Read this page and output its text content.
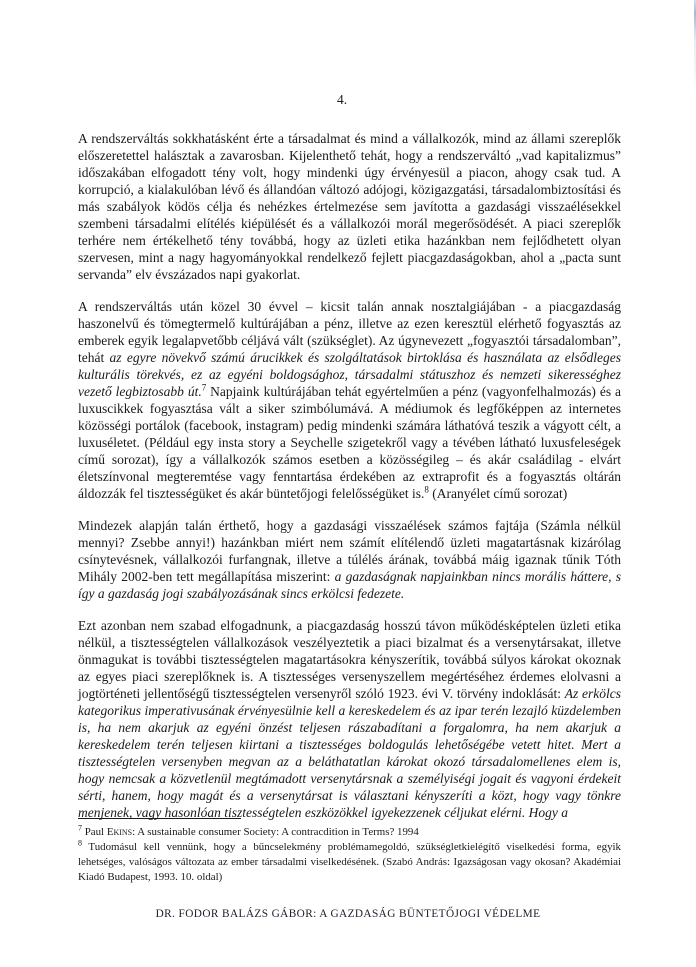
4.

A rendszerváltás sokkhatásként érte a társadalmat és mind a vállalkozók, mind az állami szereplők előszeretettel halásztak a zavarosban. Kijelenthető tehát, hogy a rendszerváltó „vad kapitalizmus” időszakában elfogadott tény volt, hogy mindenki úgy érvényesül a piacon, ahogy csak tud. A korrupció, a kialakulóban lévő és állandóan változó adójogi, közigazgatási, társadalombiztosítási és más szabályok ködös célja és nehézkes értelmezése sem javította a gazdasági visszaélésekkel szembeni társadalmi elítélés kiépülését és a vállalkozói morál megerősödését. A piaci szereplők terhére nem értékelhető tény továbbá, hogy az üzleti etika hazánkban nem fejlődhetett olyan szervesen, mint a nagy hagyományokkal rendelkező fejlett piacgazdaságokban, ahol a „pacta sunt servanda” elv évszázados napi gyakorlat.

A rendszerváltás után közel 30 évvel – kicsit talán annak nosztalgiájában - a piacgazdaság haszonelvű és tömegtermelő kultúrájában a pénz, illetve az ezen keresztül elérhető fogyasztás az emberek egyik legalapvetőbb céljává vált (szükséglet). Az úgynevezett „fogyasztói társadalomban”, tehát az egyre növekvő számú árucikkek és szolgáltatások birtoklása és használata az elsődleges kulturális törekvés, ez az egyéni boldogsághoz, társadalmi státuszhoz és nemzeti sikerességhez vezető legbiztosabb út.$^7$ Napjaink kultúrájában tehát egyértelműen a pénz (vagyonfelhalmozás) és a luxuscikkek fogyasztása vált a siker szimbólumává. A médiumok és legfőképpen az internetes közösségi portálok (facebook, instagram) pedig mindenki számára láthatóvá teszik a vágyott célt, a luxuséletet. (Például egy insta story a Seychelle szigetekről vagy a tévében látható luxusfeleségek című sorozat), így a vállalkozók számos esetben a közösségileg – és akár családilag - elvárt életszínvonal megteremtése vagy fenntartása érdekében az extraprofit és a fogyasztás oltárán áldozzák fel tisztességüket és akár büntetőjogi felelősségüket is.$^8$ (Aranyélet című sorozat)

Mindezek alapján talán érthető, hogy a gazdasági visszaélések számos fajtája (Számla nélkül mennyi? Zsebbe annyi!) hazánkban miért nem számít elítélendő üzleti magatartásnak kizárólag csínytevésnek, vállalkozói furfangnak, illetve a túlélés árának, továbbá máig igaznak tűnik Tóth Mihály 2002-ben tett megállapítása miszerint: a gazdaságnak napjainkban nincs morális háttere, s így a gazdaság jogi szabályozásának sincs erkölcsi fedezete.

Ezt azonban nem szabad elfogadnunk, a piacgazdaság hosszú távon működésképtelen üzleti etika nélkül, a tisztességtelen vállalkozások veszélyeztetik a piaci bizalmat és a versenytársakat, illetve önmagukat is további tisztességtelen magatartásokra kényszerítik, továbbá súlyos károkat okoznak az egyes piaci szereplőknek is. A tisztességes versenyszellem megértéséhez érdemes elolvasni a jogtörténeti jellentőségű tisztességtelen versenyről szóló 1923. évi V. törvény indoklását: Az erkölcs kategorikus imperativusának érvényesülnie kell a kereskedelem és az ipar terén lezajló küzdelemben is, ha nem akarjuk az egyéni önzést teljesen rászabadítani a forgalomra, ha nem akarjuk a kereskedelem terén teljesen kiirtani a tisztességes boldogulás lehetőségébe vetett hitet. Mert a tisztességtelen versenyben megvan az a beláthatatlan károkat okozó társadalomellenes elem is, hogy nemcsak a közvetlenül megtámadott versenytársnak a személyiségi jogait és vagyoni érdekeit sérti, hanem, hogy magát és a versenytársat is választani kényszeríti a közt, hogy vagy tönkre menjenek, vagy hasonlóan tisztességtelen eszközökkel igyekezzenek céljukat elérni. Hogy a

$^7$ Paul Ekins: A sustainable consumer Society: A contracdition in Terms? 1994

$^8$ Tudomásul kell vennünk, hogy a bűncselekmény problémamegoldó, szükségletkielégítő viselkedési forma, egyik lehetséges, valóságos változata az ember társadalmi viselkedésének. (Szabó András: Igazságosan vagy okosan? Akadémiai Kiadó Budapest, 1993. 10. oldal)

DR. FODOR BALÁZS GÁBOR: A GAZDASÁG BÜNTETŐJOGI VÉDELME
